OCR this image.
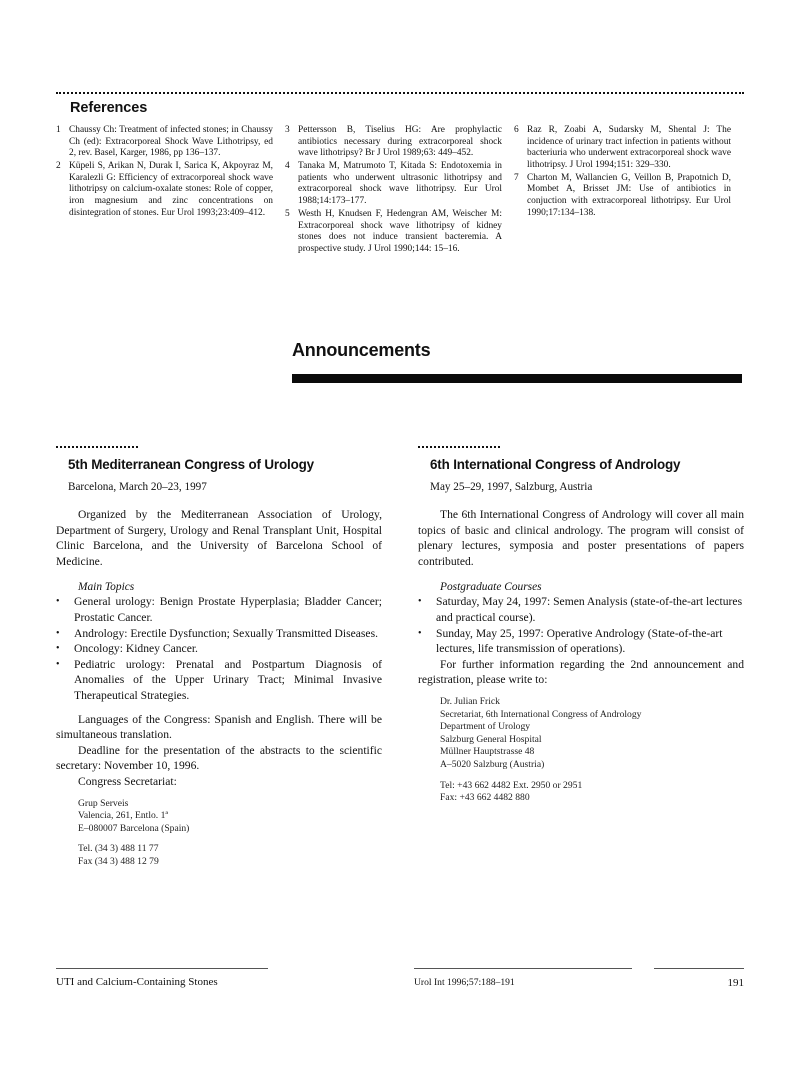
References
1 Chaussy Ch: Treatment of infected stones; in Chaussy Ch (ed): Extracorporeal Shock Wave Lithotripsy, ed 2, rev. Basel, Karger, 1986, pp 136–137.
2 Küpeli S, Arikan N, Durak I, Sarica K, Akpoyraz M, Karalezli G: Efficiency of extracorporeal shock wave lithotripsy on calcium-oxalate stones: Role of copper, iron magnesium and zinc concentrations on disintegration of stones. Eur Urol 1993;23:409–412.
3 Pettersson B, Tiselius HG: Are prophylactic antibiotics necessary during extracorporeal shock wave lithotripsy? Br J Urol 1989;63: 449–452.
4 Tanaka M, Matrumoto T, Kitada S: Endotoxemia in patients who underwent ultrasonic lithotripsy and extracorporeal shock wave lithotripsy. Eur Urol 1988;14:173–177.
5 Westh H, Knudsen F, Hedengran AM, Weischer M: Extracorporeal shock wave lithotripsy of kidney stones does not induce transient bacteremia. A prospective study. J Urol 1990;144: 15–16.
6 Raz R, Zoabi A, Sudarsky M, Shental J: The incidence of urinary tract infection in patients without bacteriuria who underwent extracorporeal shock wave lithotripsy. J Urol 1994;151: 329–330.
7 Charton M, Wallancien G, Veillon B, Prapotnich D, Mombet A, Brisset JM: Use of antibiotics in conjuction with extracorporeal lithotripsy. Eur Urol 1990;17:134–138.
Announcements
5th Mediterranean Congress of Urology
Barcelona, March 20–23, 1997
Organized by the Mediterranean Association of Urology, Department of Surgery, Urology and Renal Transplant Unit, Hospital Clinic Barcelona, and the University of Barcelona School of Medicine.
Main Topics
•	General urology: Benign Prostate Hyperplasia; Bladder Cancer; Prostatic Cancer.
•	Andrology: Erectile Dysfunction; Sexually Transmitted Diseases.
•	Oncology: Kidney Cancer.
•	Pediatric urology: Prenatal and Postpartum Diagnosis of Anomalies of the Upper Urinary Tract; Minimal Invasive Therapeutical Strategies.
Languages of the Congress: Spanish and English. There will be simultaneous translation.
Deadline for the presentation of the abstracts to the scientific secretary: November 10, 1996.
Congress Secretariat:
Grup Serveis
Valencia, 261, Entlo. 1ª
E–080007 Barcelona (Spain)
Tel. (34 3) 488 11 77
Fax (34 3) 488 12 79
6th International Congress of Andrology
May 25–29, 1997, Salzburg, Austria
The 6th International Congress of Andrology will cover all main topics of basic and clinical andrology. The program will consist of plenary lectures, symposia and poster presentations of papers contributed.
Postgraduate Courses
•	Saturday, May 24, 1997: Semen Analysis (state-of-the-art lectures and practical course).
•	Sunday, May 25, 1997: Operative Andrology (State-of-the-art lectures, life transmission of operations).
For further information regarding the 2nd announcement and registration, please write to:
Dr. Julian Frick
Secretariat, 6th International Congress of Andrology
Department of Urology
Salzburg General Hospital
Müllner Hauptstrasse 48
A–5020 Salzburg (Austria)
Tel: +43 662 4482 Ext. 2950 or 2951
Fax: +43 662 4482 880
UTI and Calcium-Containing Stones	Urol Int 1996;57:188–191	191
